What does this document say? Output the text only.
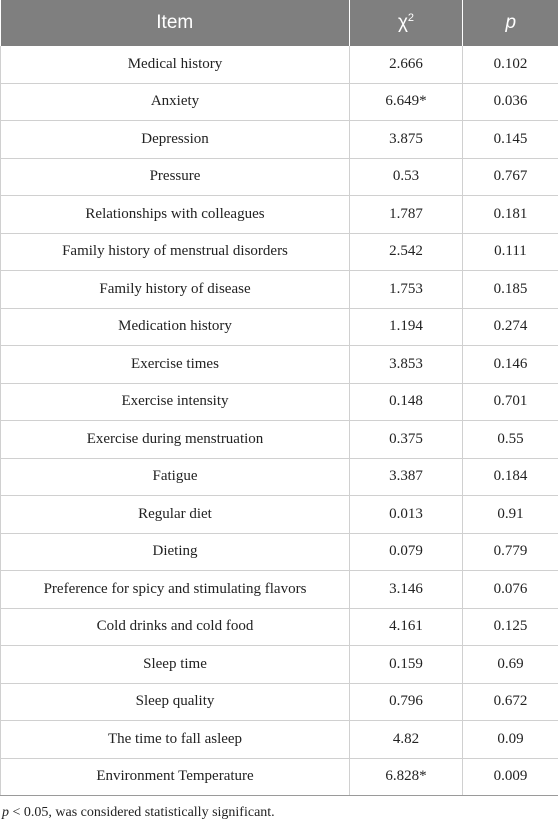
Item	$\chi^2$	p
Medical history	2.666	0.102
Anxiety	6.649*	0.036
Depression	3.875	0.145
Pressure	0.53	0.767
Relationships with colleagues	1.787	0.181
Family history of menstrual disorders	2.542	0.111
Family history of disease	1.753	0.185
Medication history	1.194	0.274
Exercise times	3.853	0.146
Exercise intensity	0.148	0.701
Exercise during menstruation	0.375	0.55
Fatigue	3.387	0.184
Regular diet	0.013	0.91
Dieting	0.079	0.779
Preference for spicy and stimulating flavors	3.146	0.076
Cold drinks and cold food	4.161	0.125
Sleep time	0.159	0.69
Sleep quality	0.796	0.672
The time to fall asleep	4.82	0.09
Environment Temperature	6.828*	0.009
p < 0.05, was considered statistically significant.
